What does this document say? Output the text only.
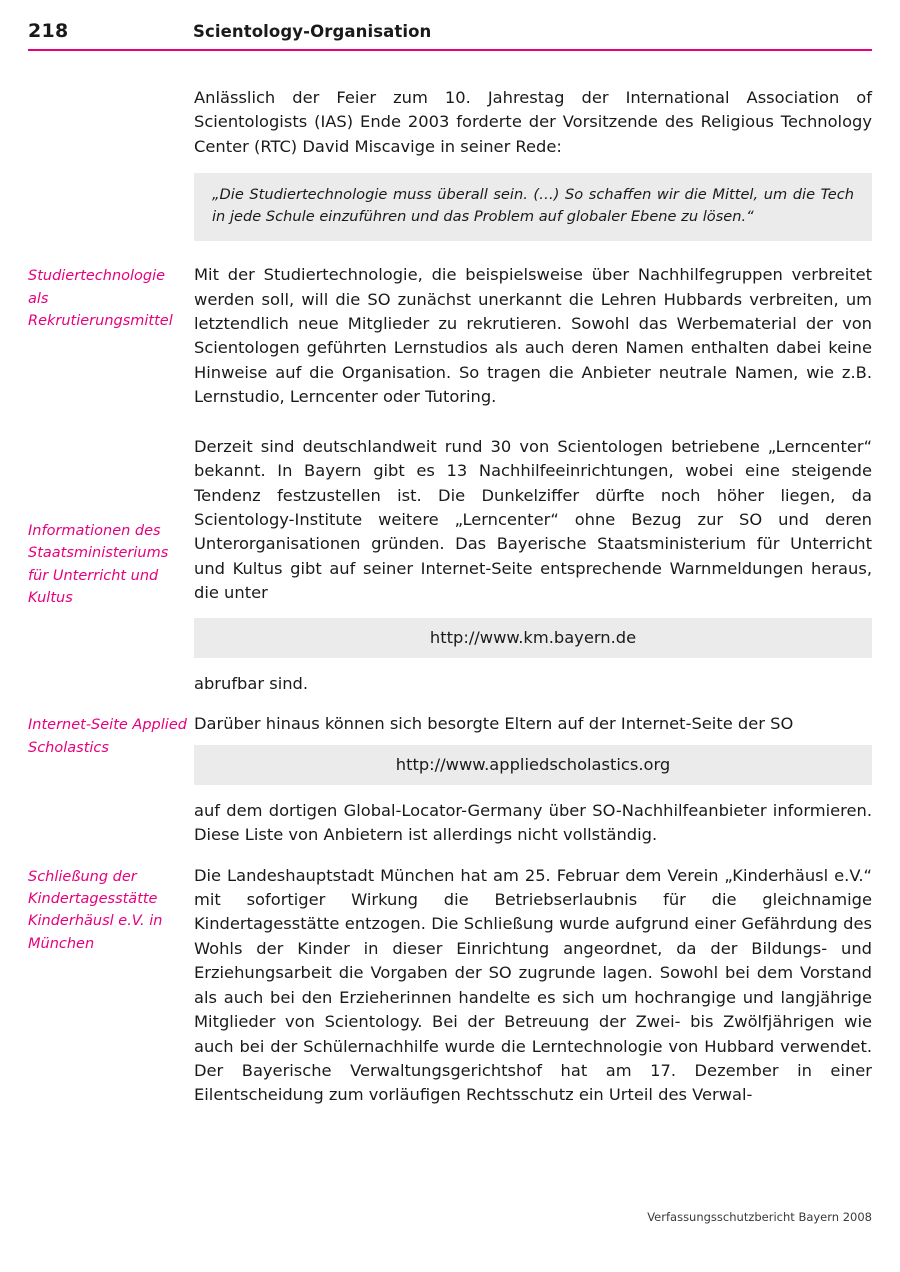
218	Scientology-Organisation

Anlässlich der Feier zum 10. Jahrestag der International Association of Scientologists (IAS) Ende 2003 forderte der Vorsitzende des Religious Technology Center (RTC) David Miscavige in seiner Rede:

„Die Studiertechnologie muss überall sein. (…) So schaffen wir die Mittel, um die Tech in jede Schule einzuführen und das Problem auf globaler Ebene zu lösen.“

Studiertechnologie als Rekrutierungsmittel

Mit der Studiertechnologie, die beispielsweise über Nachhilfegruppen verbreitet werden soll, will die SO zunächst unerkannt die Lehren Hubbards verbreiten, um letztendlich neue Mitglieder zu rekrutieren. Sowohl das Werbematerial der von Scientologen geführten Lernstudios als auch deren Namen enthalten dabei keine Hinweise auf die Organisation. So tragen die Anbieter neutrale Namen, wie z.B. Lernstudio, Lerncenter oder Tutoring.

Informationen des Staatsministeriums für Unterricht und Kultus

Derzeit sind deutschlandweit rund 30 von Scientologen betriebene „Lerncenter“ bekannt. In Bayern gibt es 13 Nachhilfeeinrichtungen, wobei eine steigende Tendenz festzustellen ist. Die Dunkelziffer dürfte noch höher liegen, da Scientology-Institute weitere „Lerncenter“ ohne Bezug zur SO und deren Unterorganisationen gründen. Das Bayerische Staatsministerium für Unterricht und Kultus gibt auf seiner Internet-Seite entsprechende Warnmeldungen heraus, die unter

http://www.km.bayern.de

abrufbar sind.

Internet-Seite Applied Scholastics

Darüber hinaus können sich besorgte Eltern auf der Internet-Seite der SO

http://www.appliedscholastics.org

auf dem dortigen Global-Locator-Germany über SO-Nachhilfeanbieter informieren. Diese Liste von Anbietern ist allerdings nicht vollständig.

Schließung der Kindertagesstätte Kinderhäusl e.V. in München

Die Landeshauptstadt München hat am 25. Februar dem Verein „Kinderhäusl e.V.“ mit sofortiger Wirkung die Betriebserlaubnis für die gleichnamige Kindertagesstätte entzogen. Die Schließung wurde aufgrund einer Gefährdung des Wohls der Kinder in dieser Einrichtung angeordnet, da der Bildungs- und Erziehungsarbeit die Vorgaben der SO zugrunde lagen. Sowohl bei dem Vorstand als auch bei den Erzieherinnen handelte es sich um hochrangige und langjährige Mitglieder von Scientology. Bei der Betreuung der Zwei- bis Zwölfjährigen wie auch bei der Schülernachhilfe wurde die Lerntechnologie von Hubbard verwendet. Der Bayerische Verwaltungsgerichtshof hat am 17. Dezember in einer Eilentscheidung zum vorläufigen Rechtsschutz ein Urteil des Verwal-

Verfassungsschutzbericht Bayern 2008
